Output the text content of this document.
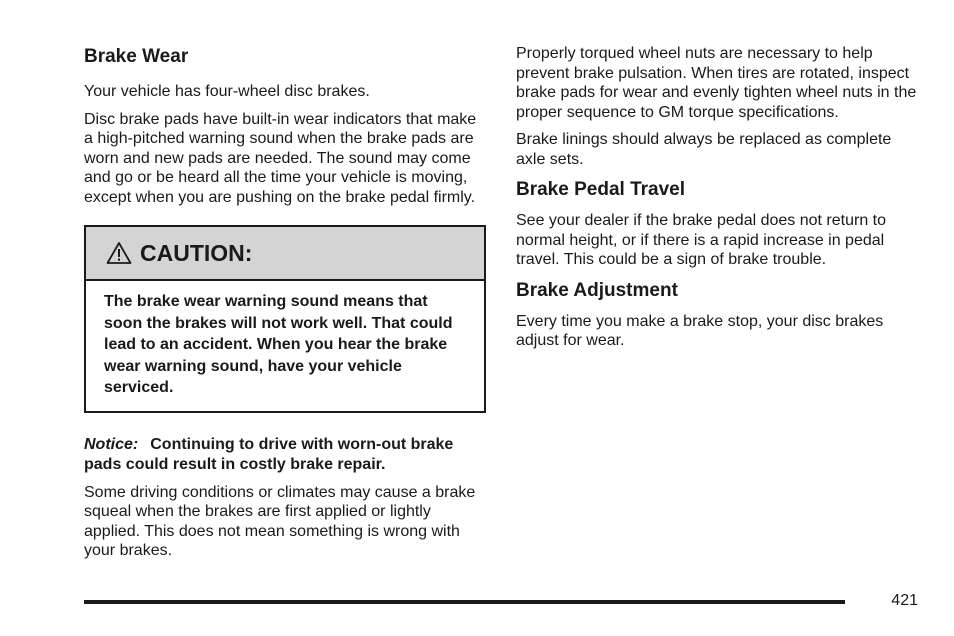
Brake Wear

Your vehicle has four-wheel disc brakes.

Disc brake pads have built-in wear indicators that make a high-pitched warning sound when the brake pads are worn and new pads are needed. The sound may come and go or be heard all the time your vehicle is moving, except when you are pushing on the brake pedal firmly.

CAUTION:
The brake wear warning sound means that soon the brakes will not work well. That could lead to an accident. When you hear the brake wear warning sound, have your vehicle serviced.
Notice: Continuing to drive with worn-out brake pads could result in costly brake repair.

Some driving conditions or climates may cause a brake squeal when the brakes are first applied or lightly applied. This does not mean something is wrong with your brakes.

Properly torqued wheel nuts are necessary to help prevent brake pulsation. When tires are rotated, inspect brake pads for wear and evenly tighten wheel nuts in the proper sequence to GM torque specifications.

Brake linings should always be replaced as complete axle sets.

Brake Pedal Travel

See your dealer if the brake pedal does not return to normal height, or if there is a rapid increase in pedal travel. This could be a sign of brake trouble.

Brake Adjustment

Every time you make a brake stop, your disc brakes adjust for wear.

421
